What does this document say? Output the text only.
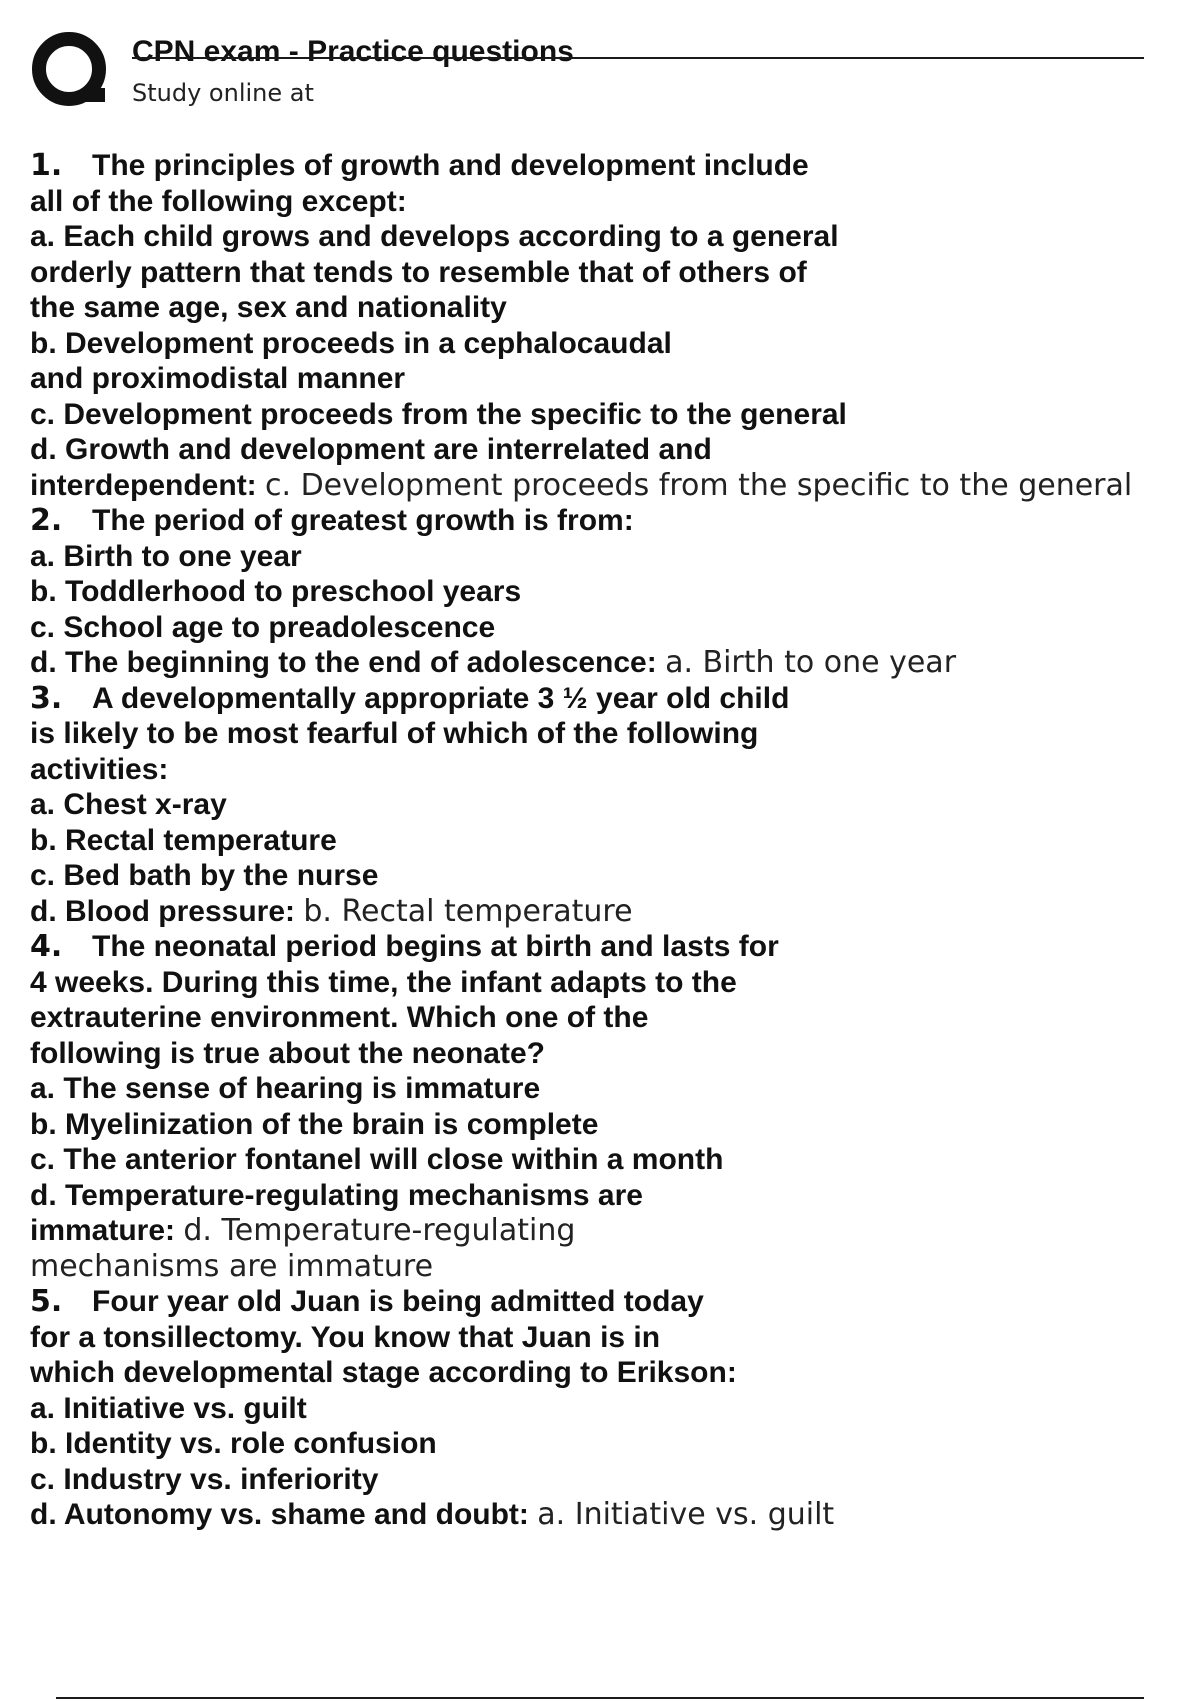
CPN exam - Practice questions
Study online at
1. The principles of growth and development include
all of the following except:
a. Each child grows and develops according to a general
orderly pattern that tends to resemble that of others of
the same age, sex and nationality
b. Development proceeds in a cephalocaudal
and proximodistal manner
c. Development proceeds from the specific to the general
d. Growth and development are interrelated and
interdependent: c. Development proceeds from the specific to the general
2. The period of greatest growth is from:
a. Birth to one year
b. Toddlerhood to preschool years
c. School age to preadolescence
d. The beginning to the end of adolescence: a. Birth to one year
3. A developmentally appropriate 3 ½ year old child
is likely to be most fearful of which of the following
activities:
a. Chest x-ray
b. Rectal temperature
c. Bed bath by the nurse
d. Blood pressure: b. Rectal temperature
4. The neonatal period begins at birth and lasts for
4 weeks. During this time, the infant adapts to the
extrauterine environment. Which one of the
following is true about the neonate?
a. The sense of hearing is immature
b. Myelinization of the brain is complete
c. The anterior fontanel will close within a month
d. Temperature-regulating mechanisms are
immature: d. Temperature-regulating
mechanisms are immature
5. Four year old Juan is being admitted today
for a tonsillectomy. You know that Juan is in
which developmental stage according to Erikson:
a. Initiative vs. guilt
b. Identity vs. role confusion
c. Industry vs. inferiority
d. Autonomy vs. shame and doubt: a. Initiative vs. guilt
